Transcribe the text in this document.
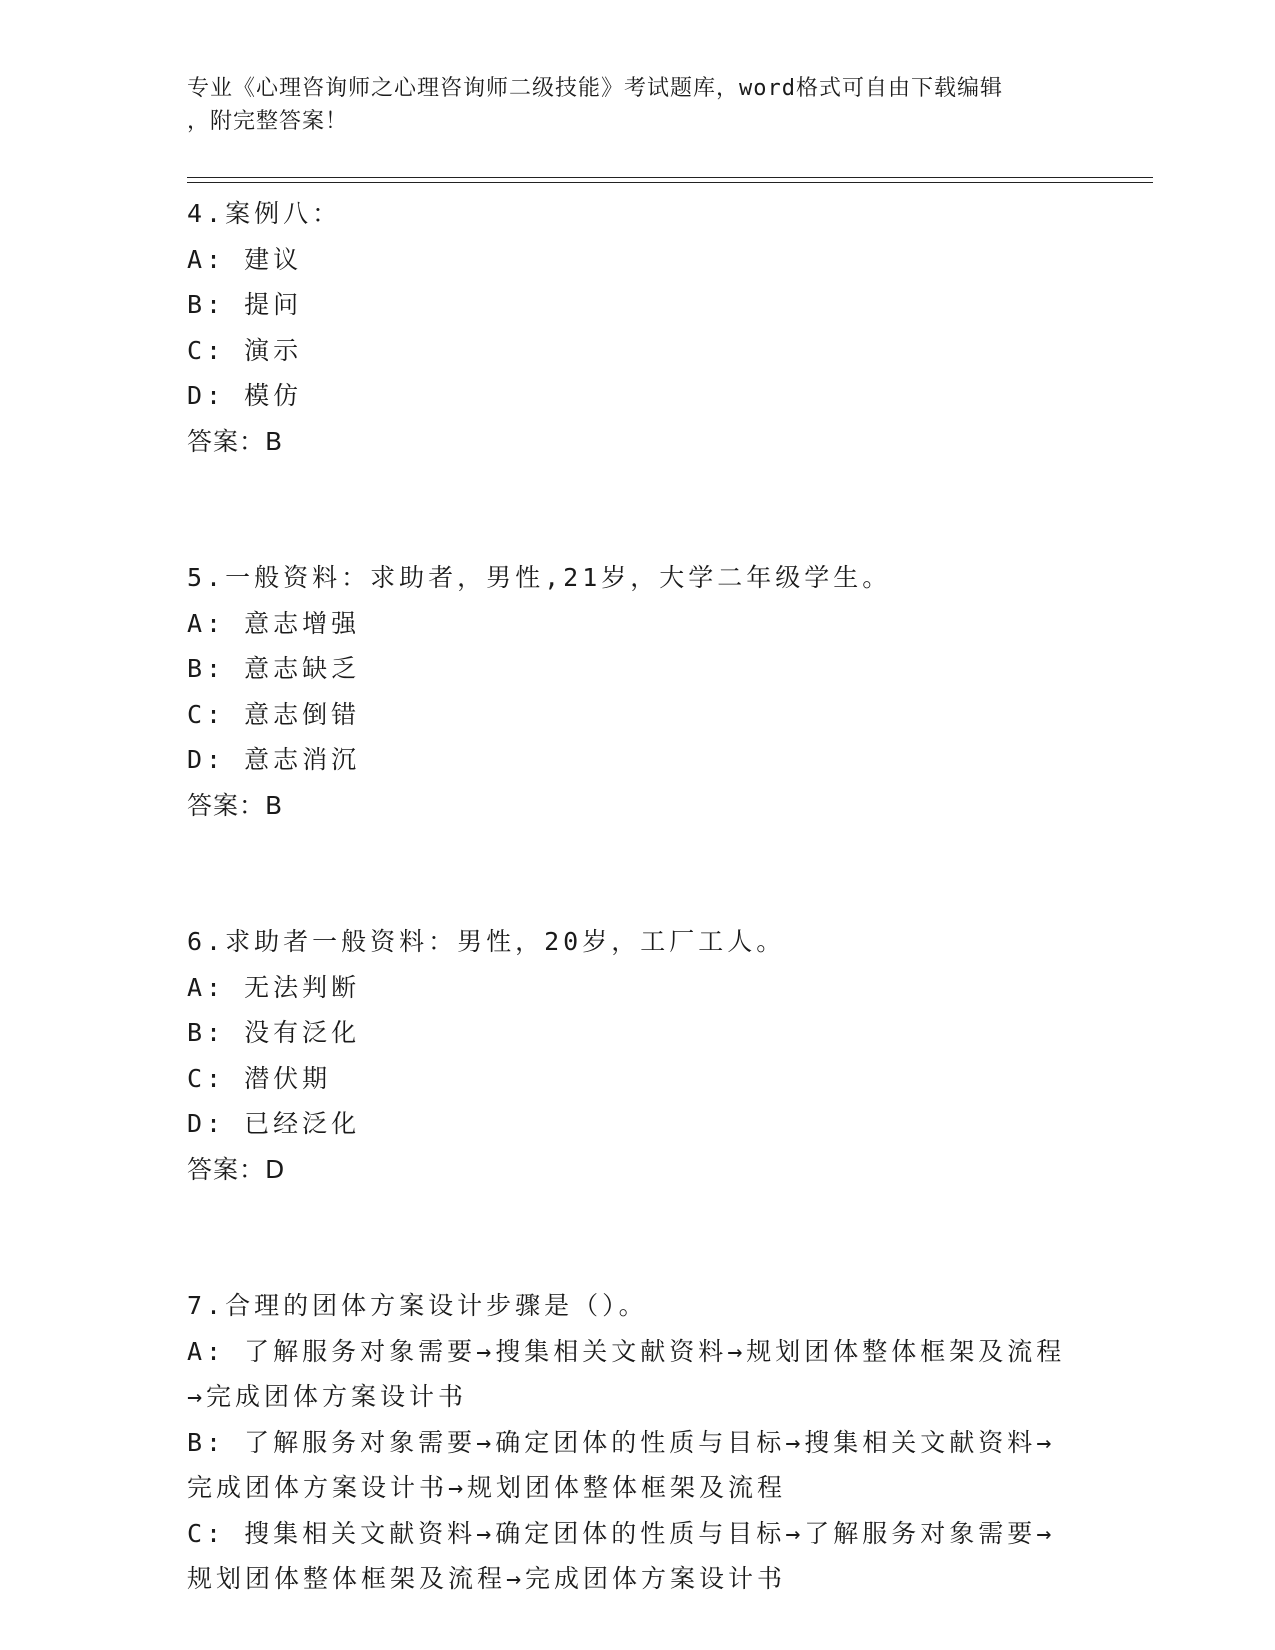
专业《心理咨询师之心理咨询师二级技能》考试题库，word格式可自由下载编辑
，附完整答案！
4.案例八：
A: 建议
B: 提问
C: 演示
D: 模仿
答案：B
5.一般资料：求助者，男性,21岁，大学二年级学生。
A: 意志增强
B: 意志缺乏
C: 意志倒错
D: 意志消沉
答案：B
6.求助者一般资料：男性，20岁，工厂工人。
A: 无法判断
B: 没有泛化
C: 潜伏期
D: 已经泛化
答案：D
7.合理的团体方案设计步骤是（）。
A: 了解服务对象需要→搜集相关文献资料→规划团体整体框架及流程
→完成团体方案设计书
B: 了解服务对象需要→确定团体的性质与目标→搜集相关文献资料→
完成团体方案设计书→规划团体整体框架及流程
C: 搜集相关文献资料→确定团体的性质与目标→了解服务对象需要→
规划团体整体框架及流程→完成团体方案设计书
